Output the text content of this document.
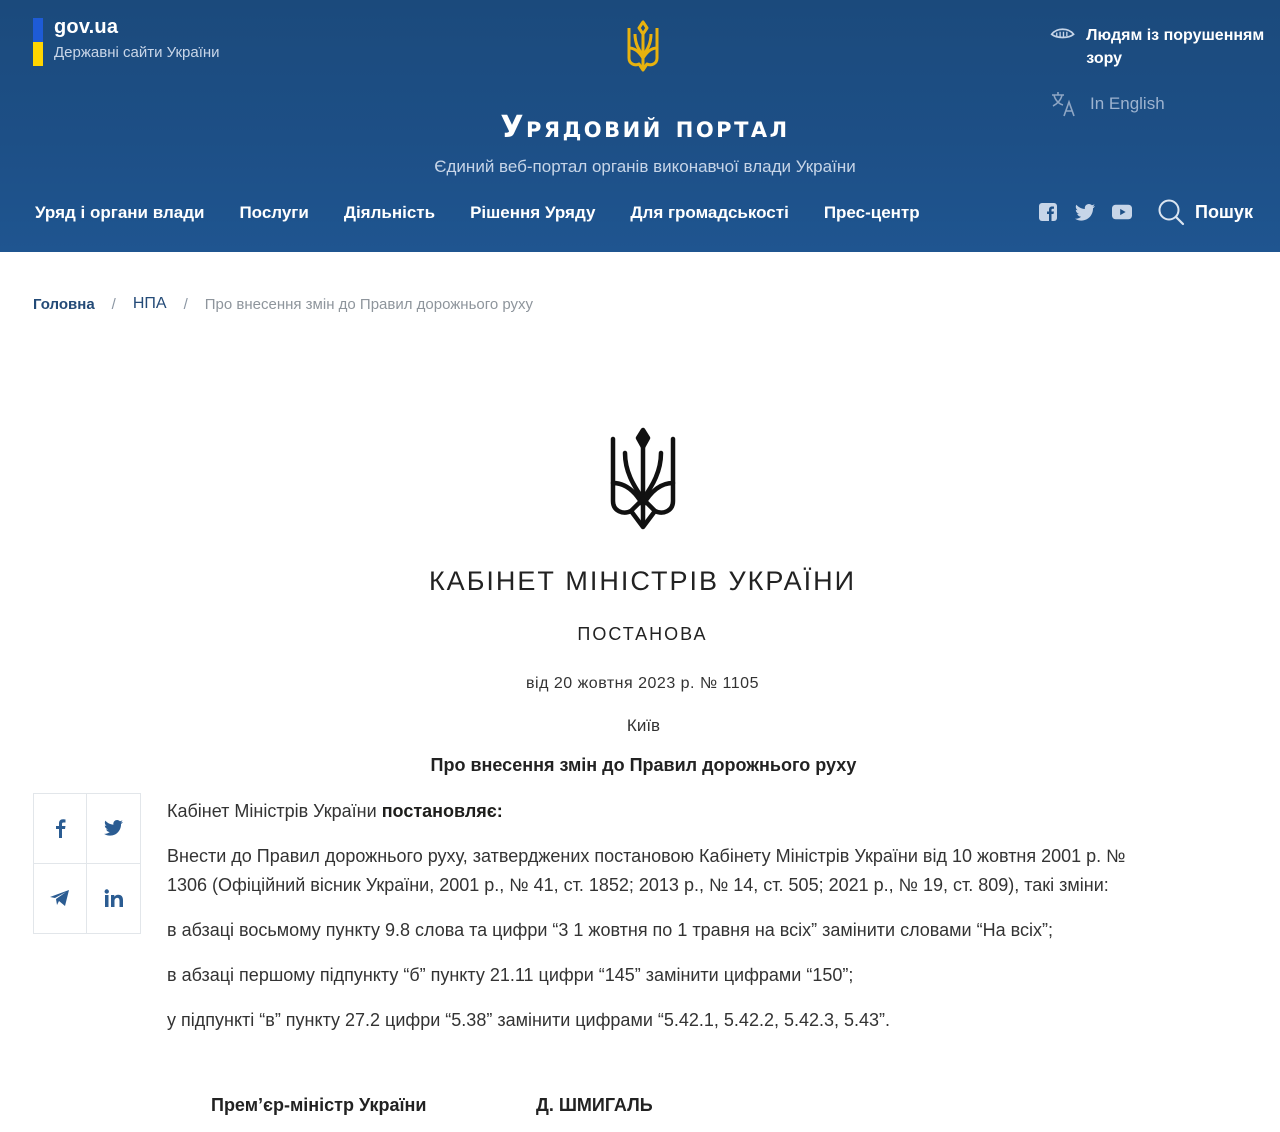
gov.ua
Державні сайти України
Урядовий портал
Єдиний веб-портал органів виконавчої влади України
Людям із порушенням зору
In English
Уряд і органи влади Послуги Діяльність Рішення Уряду Для громадськості Прес-центр	Пошук
Головна / НПА / Про внесення змін до Правил дорожнього руху
КАБІНЕТ МІНІСТРІВ УКРАЇНИ
ПОСТАНОВА
від 20 жовтня 2023 р. № 1105
Київ
Про внесення змін до Правил дорожнього руху

Кабінет Міністрів України постановляє:

Внести до Правил дорожнього руху, затверджених постановою Кабінету Міністрів України від 10 жовтня 2001 р. № 1306 (Офіційний вісник України, 2001 р., № 41, ст. 1852; 2013 р., № 14, ст. 505; 2021 р., № 19, ст. 809), такі зміни:

в абзаці восьмому пункту 9.8 слова та цифри “3 1 жовтня по 1 травня на всіх” замінити словами “На всіх”;

в абзаці першому підпункту “б” пункту 21.11 цифри “145” замінити цифрами “150”;

у підпункті “в” пункту 27.2 цифри “5.38” замінити цифрами “5.42.1, 5.42.2, 5.42.3, 5.43”.

Прем’єр-міністр України	Д. ШМИГАЛЬ
